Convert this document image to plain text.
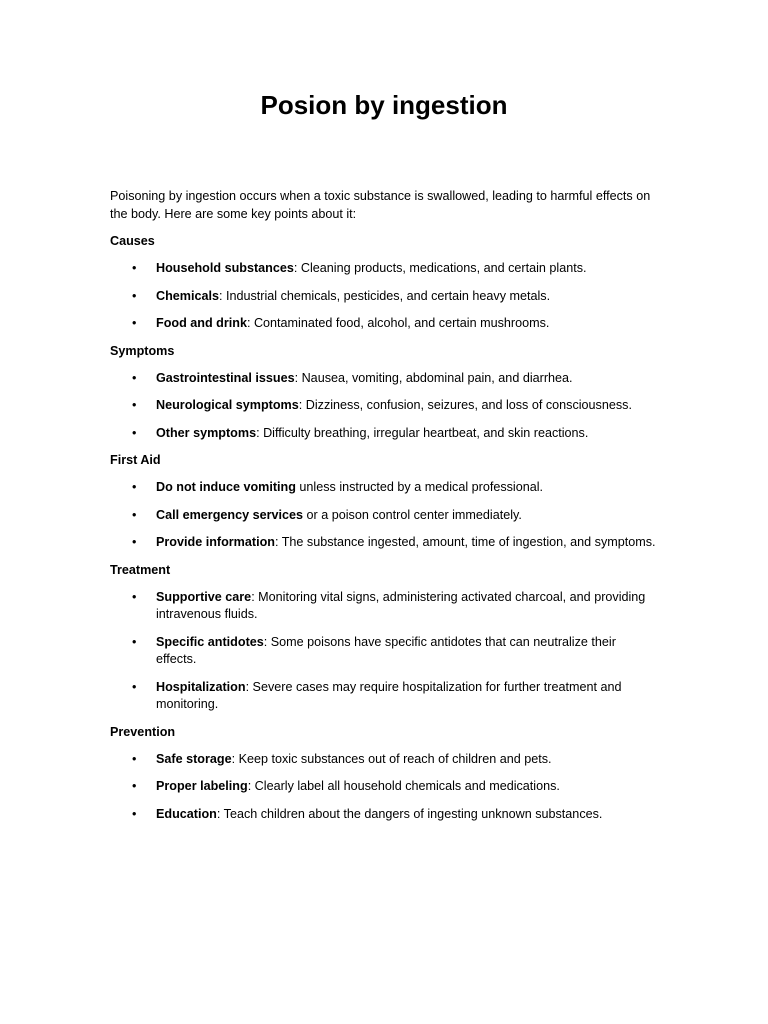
Posion by ingestion

Poisoning by ingestion occurs when a toxic substance is swallowed, leading to harmful effects on the body. Here are some key points about it:

Causes
•	Household substances: Cleaning products, medications, and certain plants.
•	Chemicals: Industrial chemicals, pesticides, and certain heavy metals.
•	Food and drink: Contaminated food, alcohol, and certain mushrooms.
Symptoms
•	Gastrointestinal issues: Nausea, vomiting, abdominal pain, and diarrhea.
•	Neurological symptoms: Dizziness, confusion, seizures, and loss of consciousness.
•	Other symptoms: Difficulty breathing, irregular heartbeat, and skin reactions.
First Aid
•	Do not induce vomiting unless instructed by a medical professional.
•	Call emergency services or a poison control center immediately.
•	Provide information: The substance ingested, amount, time of ingestion, and symptoms.
Treatment
•	Supportive care: Monitoring vital signs, administering activated charcoal, and providing intravenous fluids.
•	Specific antidotes: Some poisons have specific antidotes that can neutralize their effects.
•	Hospitalization: Severe cases may require hospitalization for further treatment and monitoring.
Prevention
•	Safe storage: Keep toxic substances out of reach of children and pets.
•	Proper labeling: Clearly label all household chemicals and medications.
•	Education: Teach children about the dangers of ingesting unknown substances.
